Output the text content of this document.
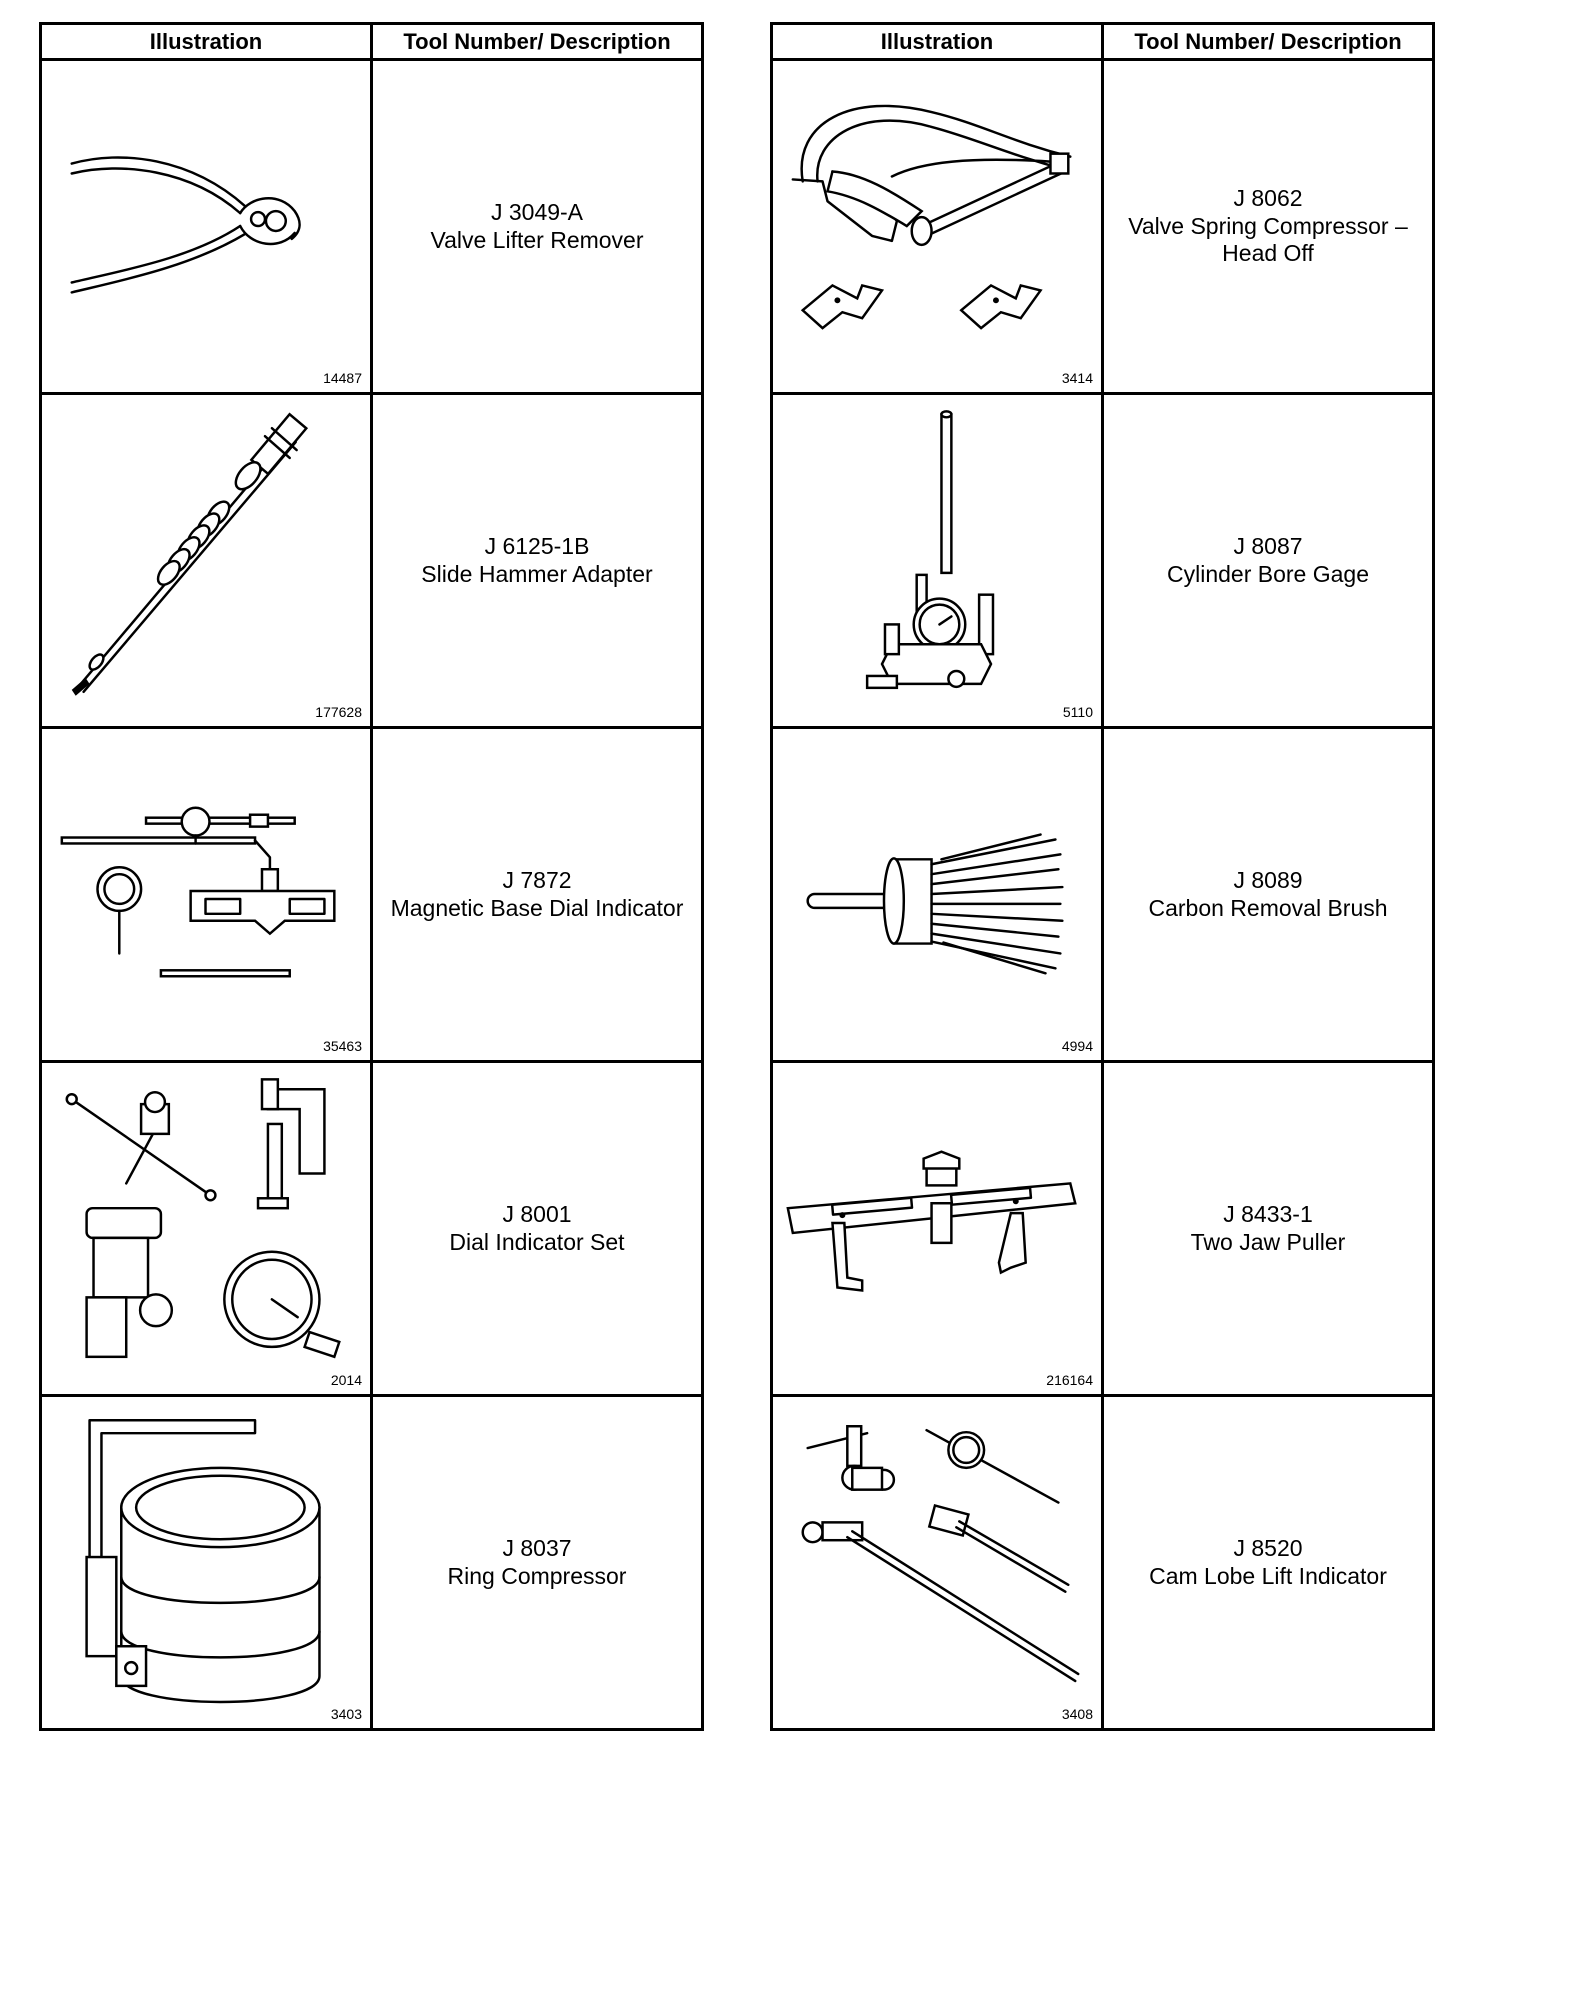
Illustration	Tool Number/ Description

14487	J 3049-A
Valve Lifter Remover

177628	J 6125-1B
Slide Hammer Adapter

35463	J 7872
Magnetic Base Dial Indicator

2014	J 8001
Dial Indicator Set

3403	J 8037
Ring Compressor
Illustration	Tool Number/ Description

3414	J 8062
Valve Spring Compressor –
Head Off

5110	J 8087
Cylinder Bore Gage

4994	J 8089
Carbon Removal Brush

216164	J 8433-1
Two Jaw Puller

3408	J 8520
Cam Lobe Lift Indicator
